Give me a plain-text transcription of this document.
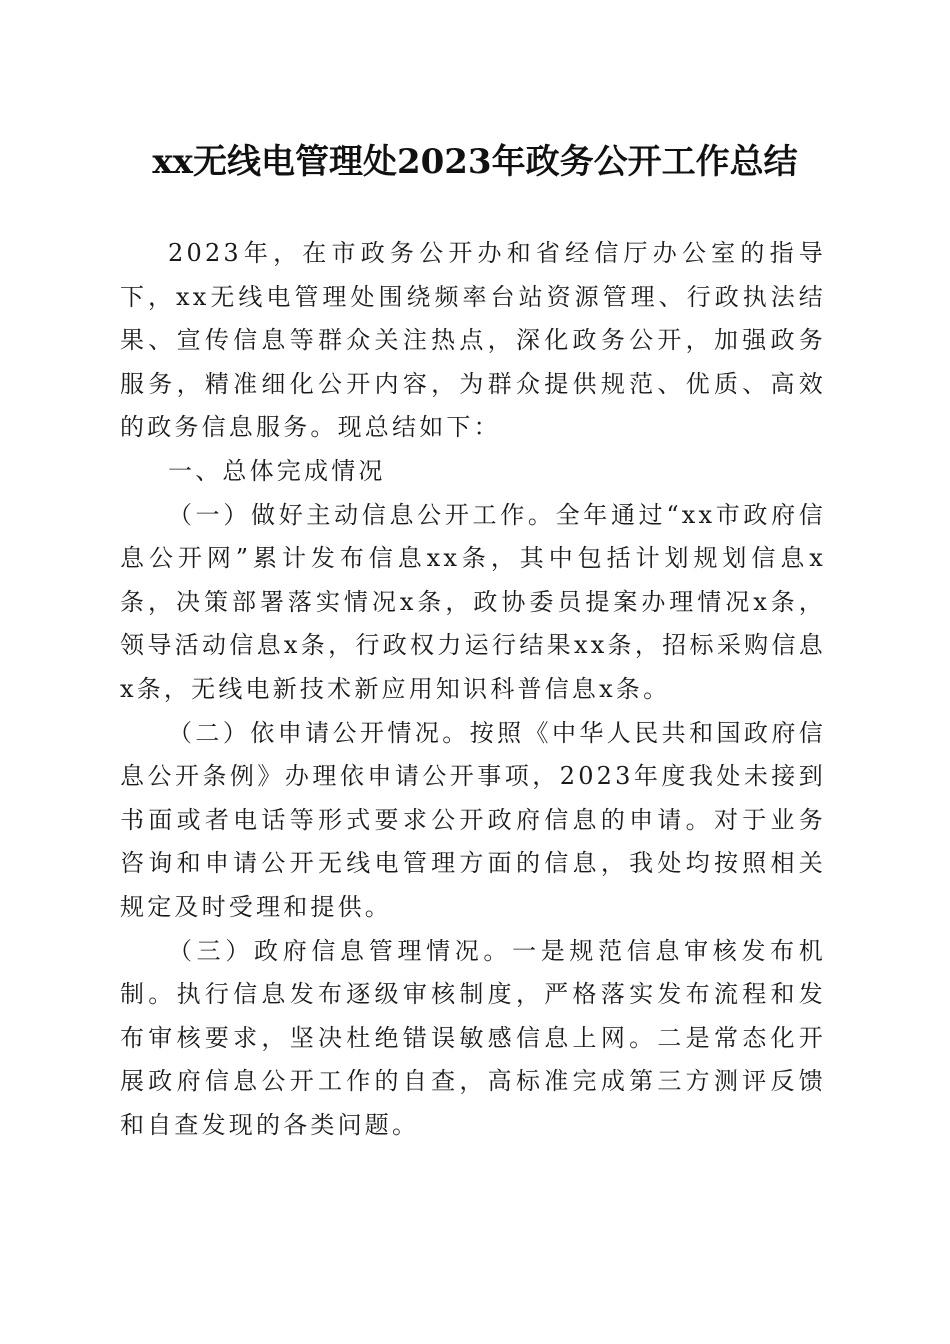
xx无线电管理处2023年政务公开工作总结

2023年，在市政务公开办和省经信厅办公室的指导下，xx无线电管理处围绕频率台站资源管理、行政执法结果、宣传信息等群众关注热点，深化政务公开，加强政务服务，精准细化公开内容，为群众提供规范、优质、高效的政务信息服务。现总结如下：

一、总体完成情况

（一）做好主动信息公开工作。全年通过“xx市政府信息公开网”累计发布信息xx条，其中包括计划规划信息x条，决策部署落实情况x条，政协委员提案办理情况x条，领导活动信息x条，行政权力运行结果xx条，招标采购信息x条，无线电新技术新应用知识科普信息x条。

（二）依申请公开情况。按照《中华人民共和国政府信息公开条例》办理依申请公开事项，2023年度我处未接到书面或者电话等形式要求公开政府信息的申请。对于业务咨询和申请公开无线电管理方面的信息，我处均按照相关规定及时受理和提供。

（三）政府信息管理情况。一是规范信息审核发布机制。执行信息发布逐级审核制度，严格落实发布流程和发布审核要求，坚决杜绝错误敏感信息上网。二是常态化开展政府信息公开工作的自查，高标准完成第三方测评反馈和自查发现的各类问题。
